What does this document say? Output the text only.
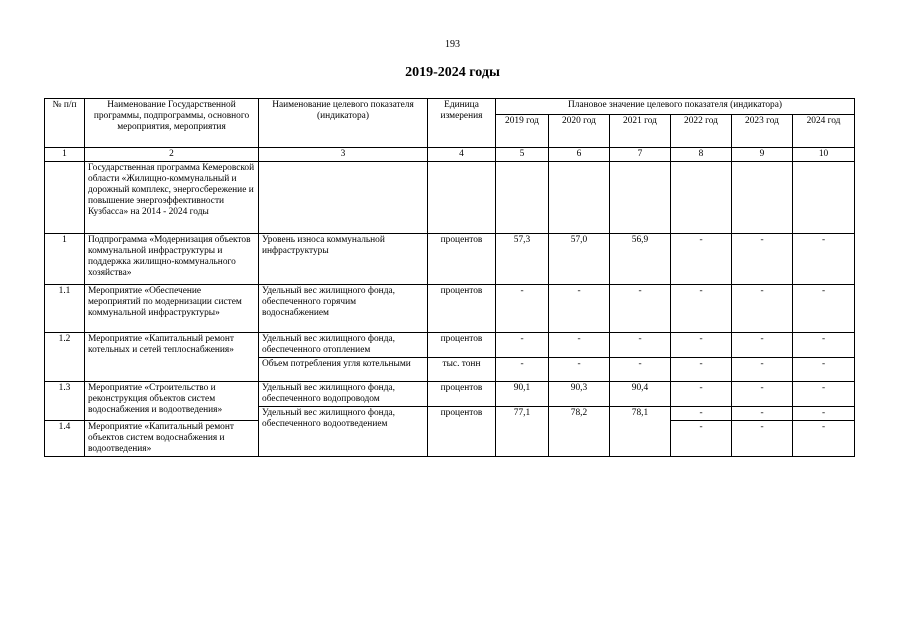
193
2019-2024 годы
№ п/п	Наименование Государственной программы, подпрограммы, основного мероприятия, мероприятия	Наименование целевого показателя (индикатора)	Единица измерения	Плановое значение целевого показателя (индикатора)					
				2019 год	2020 год	2021 год	2022 год	2023 год	2024 год
1	2	3	4	5	6	7	8	9	10
	Государственная программа Кемеровской области «Жилищно-коммунальный и дорожный комплекс, энергосбережение и повышение энергоэффективности Кузбасса» на 2014 - 2024 годы								
1	Подпрограмма «Модернизация объектов коммунальной инфраструктуры и поддержка жилищно-коммунального хозяйства»	Уровень износа коммунальной инфраструктуры	процентов	57,3	57,0	56,9	-	-	-
1.1	Мероприятие «Обеспечение мероприятий по модернизации систем коммунальной инфраструктуры»	Удельный вес жилищного фонда, обеспеченного горячим водоснабжением	процентов	-	-	-	-	-	-
1.2	Мероприятие «Капитальный ремонт котельных и сетей теплоснабжения»	Удельный вес жилищного фонда, обеспеченного отоплением	процентов	-	-	-	-	-	-
		Объем потребления угля котельными	тыс. тонн	-	-	-	-	-	-
1.3	Мероприятие «Строительство и реконструкция объектов систем водоснабжения и водоотведения»	Удельный вес жилищного фонда, обеспеченного водопроводом	процентов	90,1	90,3	90,4	-	-	-
		Удельный вес жилищного фонда, обеспеченного водоотведением	процентов	77,1	78,2	78,1	-	-	-
1.4	Мероприятие «Капитальный ремонт объектов систем водоснабжения и водоотведения»						-	-	-
